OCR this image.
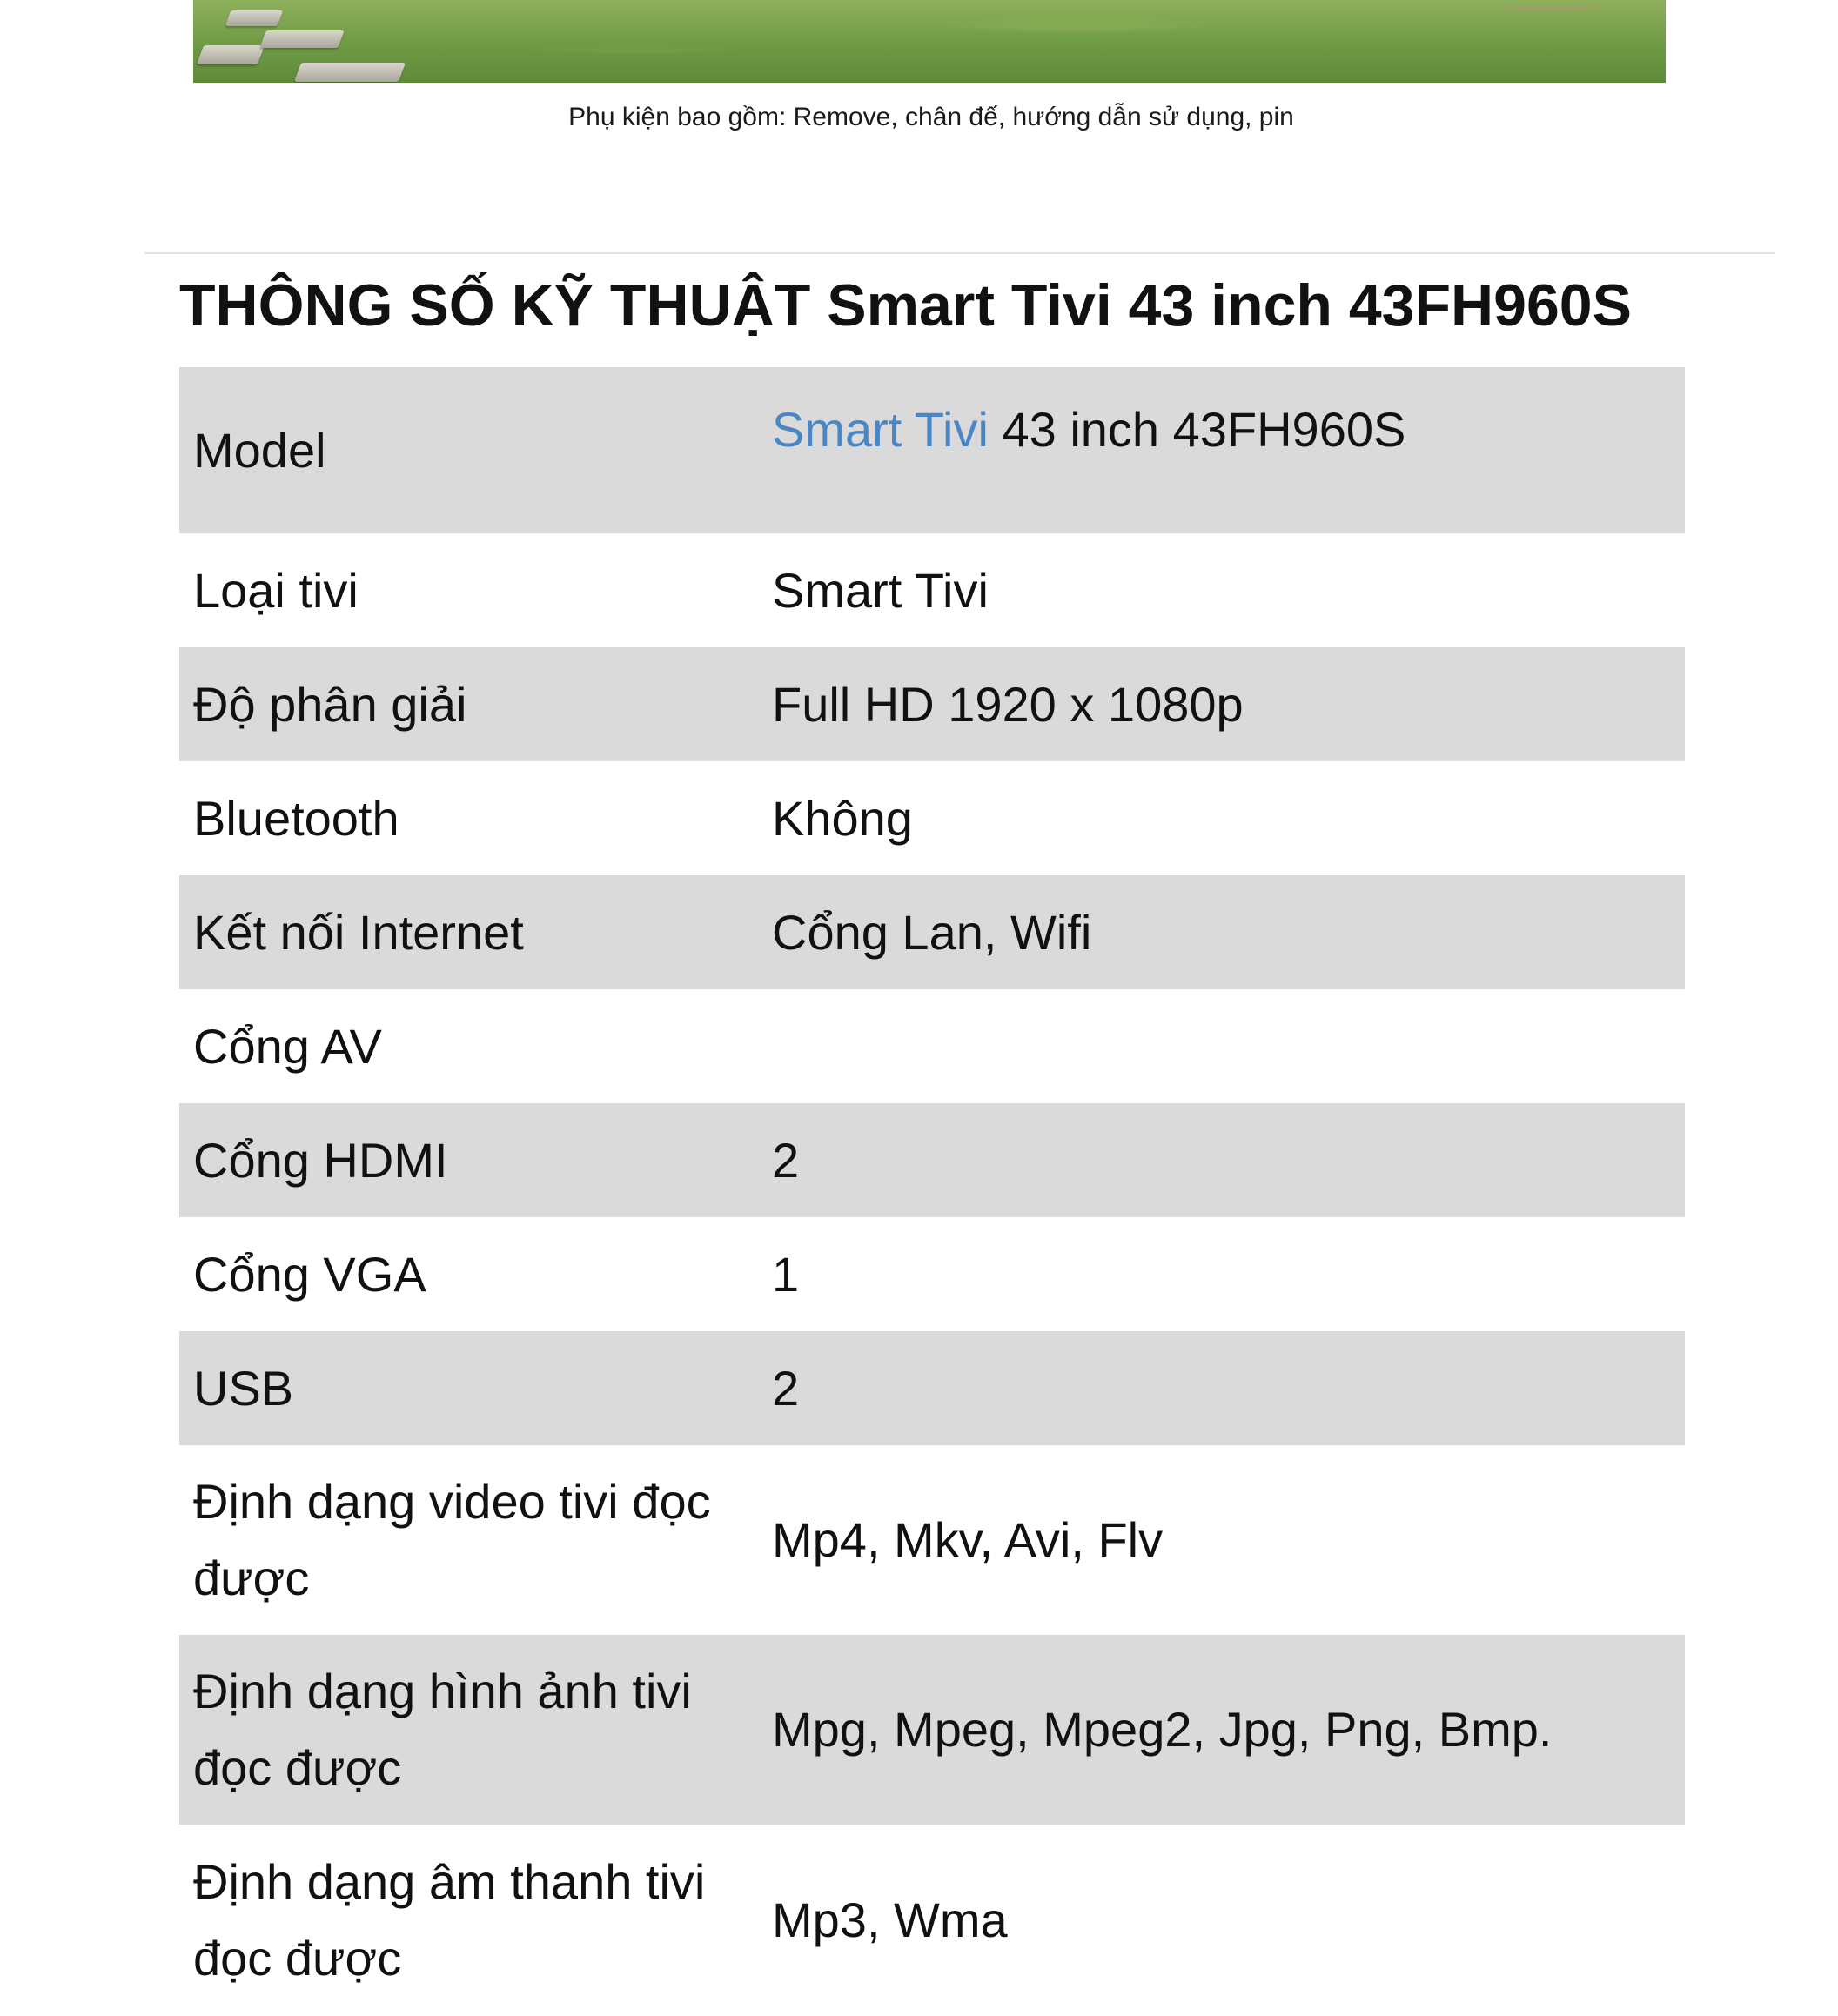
Phụ kiện bao gồm: Remove, chân đế, hướng dẫn sử dụng, pin
THÔNG SỐ KỸ THUẬT Smart Tivi 43 inch 43FH960S
Model	Smart Tivi 43 inch 43FH960S
Loại tivi	Smart Tivi
Độ phân giải	Full HD 1920 x 1080p
Bluetooth	Không
Kết nối Internet	Cổng Lan, Wifi
Cổng AV	
Cổng HDMI	2
Cổng VGA	1
USB	2
Định dạng video tivi đọc được	Mp4, Mkv, Avi, Flv
Định dạng hình ảnh tivi đọc được	Mpg, Mpeg, Mpeg2, Jpg, Png, Bmp.
Định dạng âm thanh tivi đọc được	Mp3, Wma
